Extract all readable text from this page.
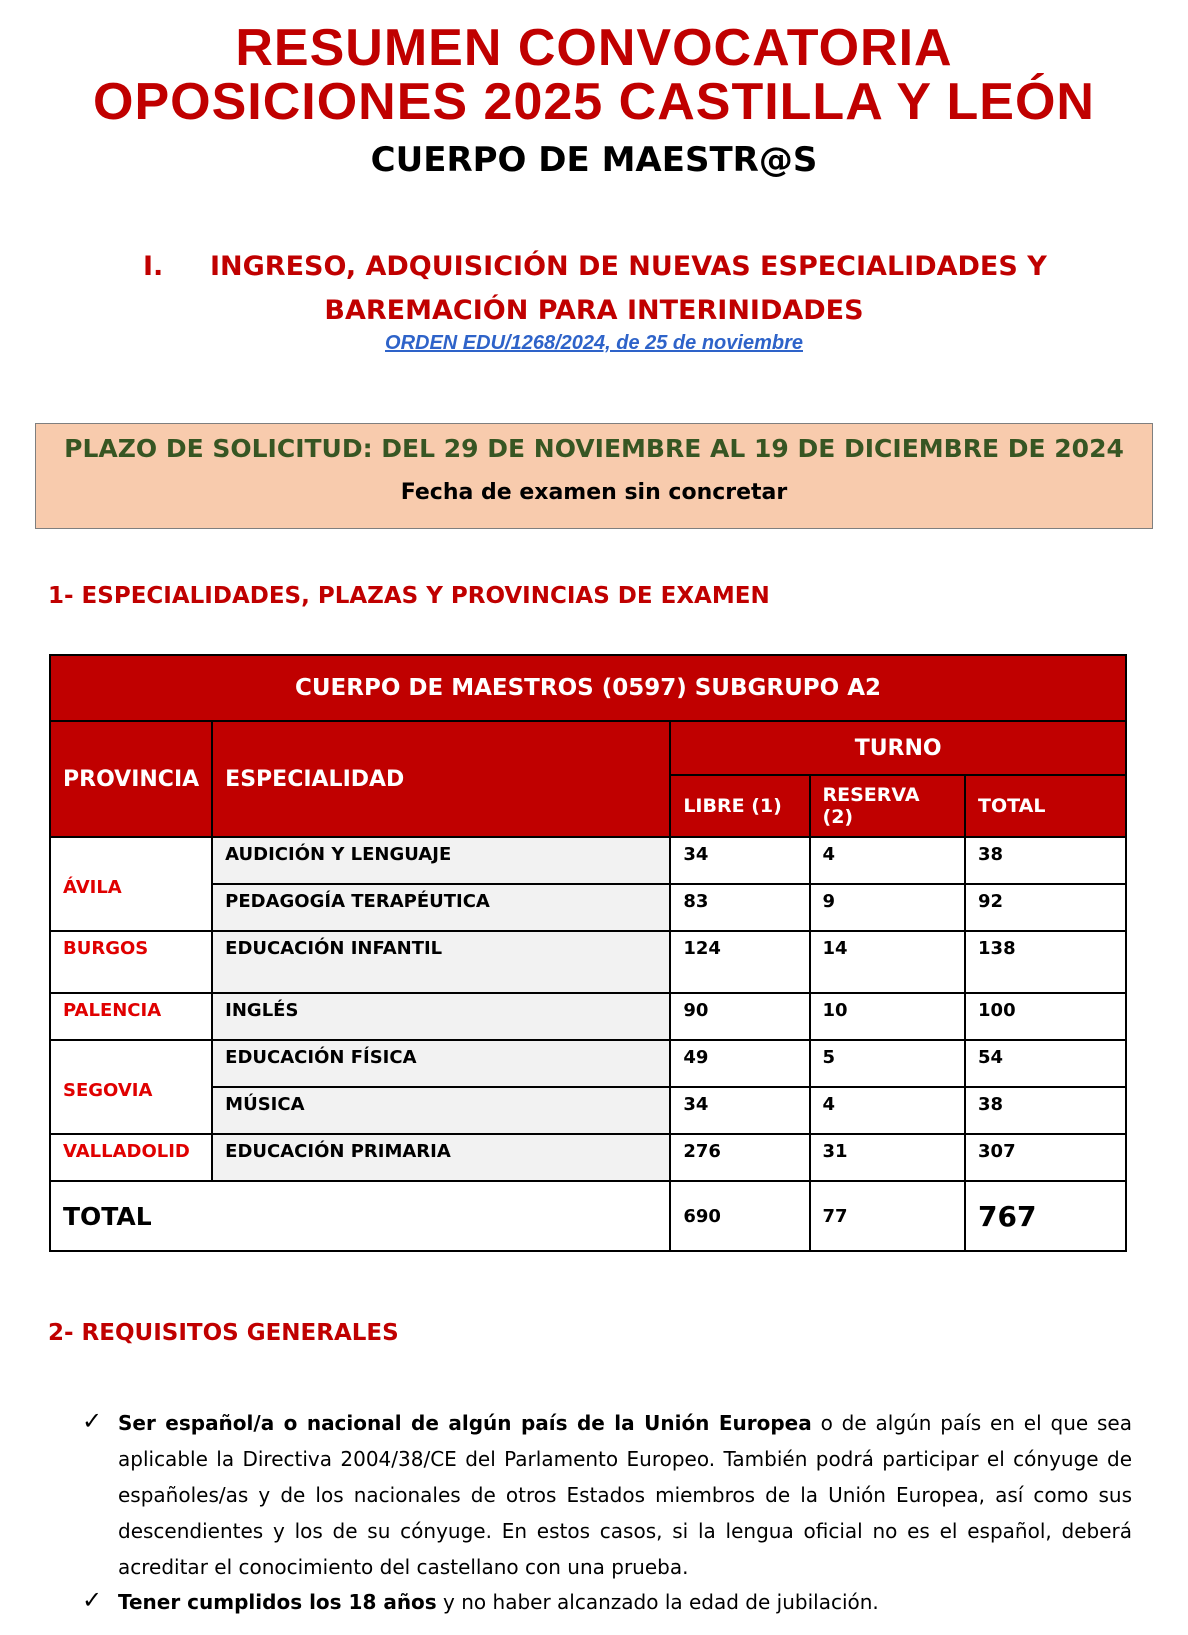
RESUMEN CONVOCATORIA
OPOSICIONES 2025 CASTILLA Y LEÓN
CUERPO DE MAESTR@S
I. INGRESO, ADQUISICIÓN DE NUEVAS ESPECIALIDADES Y
BAREMACIÓN PARA INTERINIDADES
ORDEN EDU/1268/2024, de 25 de noviembre
PLAZO DE SOLICITUD: DEL 29 DE NOVIEMBRE AL 19 DE DICIEMBRE DE 2024
Fecha de examen sin concretar
1- ESPECIALIDADES, PLAZAS Y PROVINCIAS DE EXAMEN
CUERPO DE MAESTROS (0597) SUBGRUPO A2				
PROVINCIA	ESPECIALIDAD	TURNO		
		LIBRE (1)	RESERVA (2)	TOTAL
ÁVILA	AUDICIÓN Y LENGUAJE	34	4	38
	PEDAGOGÍA TERAPÉUTICA	83	9	92
BURGOS	EDUCACIÓN INFANTIL	124	14	138
PALENCIA	INGLÉS	90	10	100
SEGOVIA	EDUCACIÓN FÍSICA	49	5	54
	MÚSICA	34	4	38
VALLADOLID	EDUCACIÓN PRIMARIA	276	31	307
TOTAL		690	77	767
2- REQUISITOS GENERALES
✓ Ser español/a o nacional de algún país de la Unión Europea o de algún país en el que sea aplicable la Directiva 2004/38/CE del Parlamento Europeo. También podrá participar el cónyuge de españoles/as y de los nacionales de otros Estados miembros de la Unión Europea, así como sus descendientes y los de su cónyuge. En estos casos, si la lengua oficial no es el español, deberá acreditar el conocimiento del castellano con una prueba.
✓ Tener cumplidos los 18 años y no haber alcanzado la edad de jubilación.
